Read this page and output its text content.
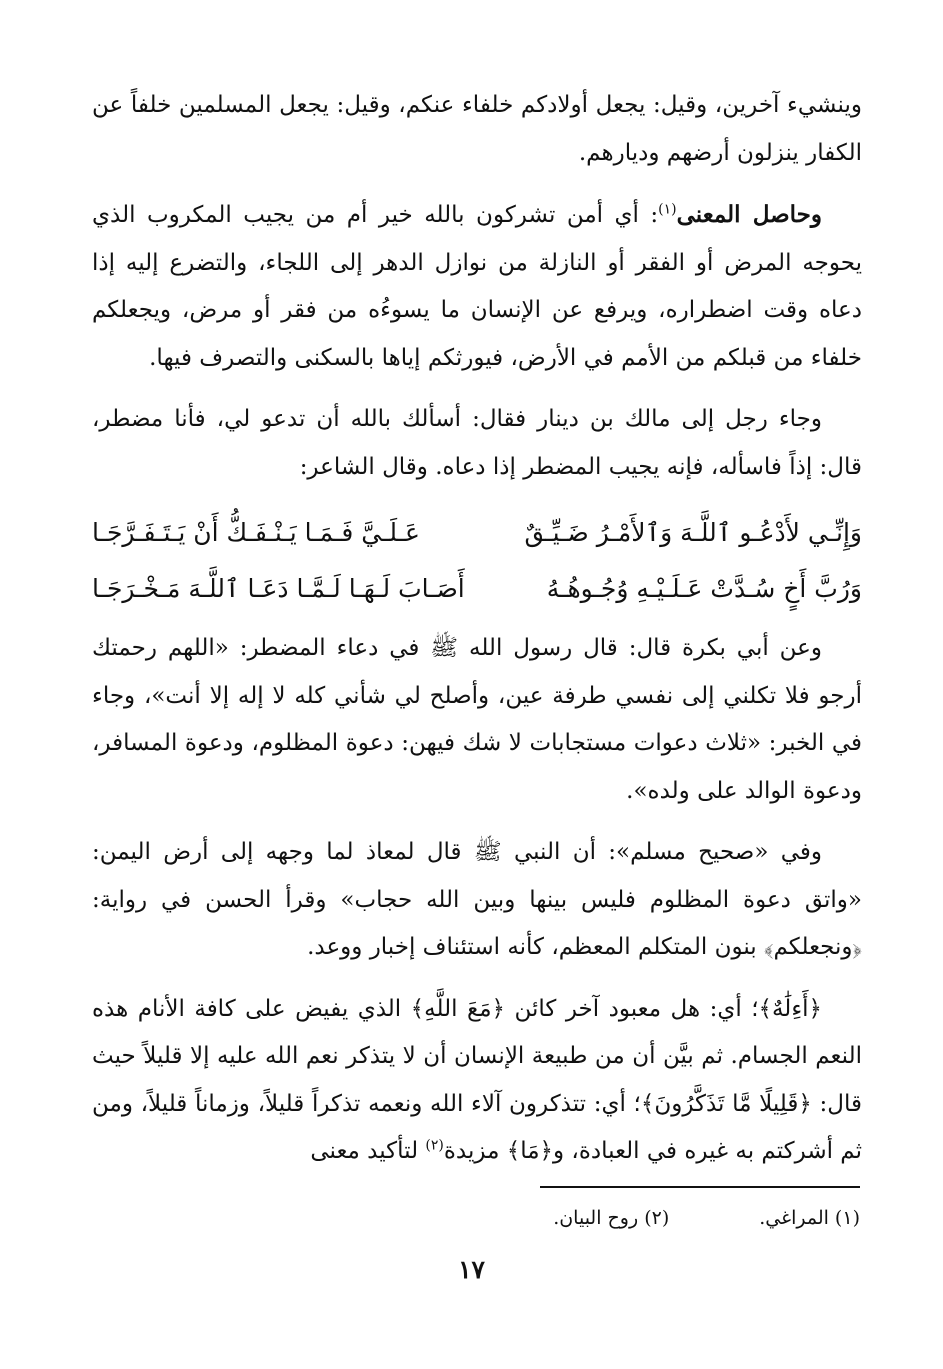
وينشيء آخرين، وقيل: يجعل أولادكم خلفاء عنكم، وقيل: يجعل المسلمين خلفاً عن الكفار ينزلون أرضهم وديارهم.

وحاصل المعنى$^{(١)}$: أي أمن تشركون بالله خير أم من يجيب المكروب الذي يحوجه المرض أو الفقر أو النازلة من نوازل الدهر إلى اللجاء، والتضرع إليه إذا دعاه وقت اضطراره، ويرفع عن الإنسان ما يسوءُه من فقر أو مرض، ويجعلكم خلفاء من قبلكم من الأمم في الأرض، فيورثكم إياها بالسكنى والتصرف فيها.

وجاء رجل إلى مالك بن دينار فقال: أسألك بالله أن تدعو لي، فأنا مضطر، قال: إذاً فاسأله، فإنه يجيب المضطر إذا دعاه. وقال الشاعر:

وَإِنِّـي لأَدْعُـو ٱللَّـهَ وَٱلأَمْـرُ ضَـيِّـقٌ
عَـلَـيَّ فَـمَـا يَـنْـفَـكُّ أَنْ يَـتَـفَـرَّجَـا
وَرُبَّ أَخٍ سُـدَّتْ عَـلَـيْـهِ وُجُـوهُـهُ
أَصَـابَ لَـهَـا لَـمَّـا دَعَـا ٱللَّـهَ مَـخْـرَجَـا

وعن أبي بكرة قال: قال رسول الله ﷺ في دعاء المضطر: «اللهم رحمتك أرجو فلا تكلني إلى نفسي طرفة عين، وأصلح لي شأني كله لا إله إلا أنت»، وجاء في الخبر: «ثلاث دعوات مستجابات لا شك فيهن: دعوة المظلوم، ودعوة المسافر، ودعوة الوالد على ولده».

وفي «صحيح مسلم»: أن النبي ﷺ قال لمعاذ لما وجهه إلى أرض اليمن: «واتق دعوة المظلوم فليس بينها وبين الله حجاب» وقرأ الحسن في رواية: ﴿ونجعلكم﴾ بنون المتكلم المعظم، كأنه استئناف إخبار ووعد.

﴿أَءِلَٰهٌ﴾؛ أي: هل معبود آخر كائن ﴿مَعَ اللَّهِ﴾ الذي يفيض على كافة الأنام هذه النعم الجسام. ثم بيَّن أن من طبيعة الإنسان أن لا يتذكر نعم الله عليه إلا قليلاً حيث قال: ﴿قَلِيلًا مَّا تَذَكَّرُونَ﴾؛ أي: تتذكرون آلاء الله ونعمه تذكراً قليلاً، وزماناً قليلاً، ومن ثم أشركتم به غيره في العبادة، و﴿مَا﴾ مزيدة$^{(٢)}$ لتأكيد معنى

(١) المراغي.
(٢) روح البيان.
١٧
